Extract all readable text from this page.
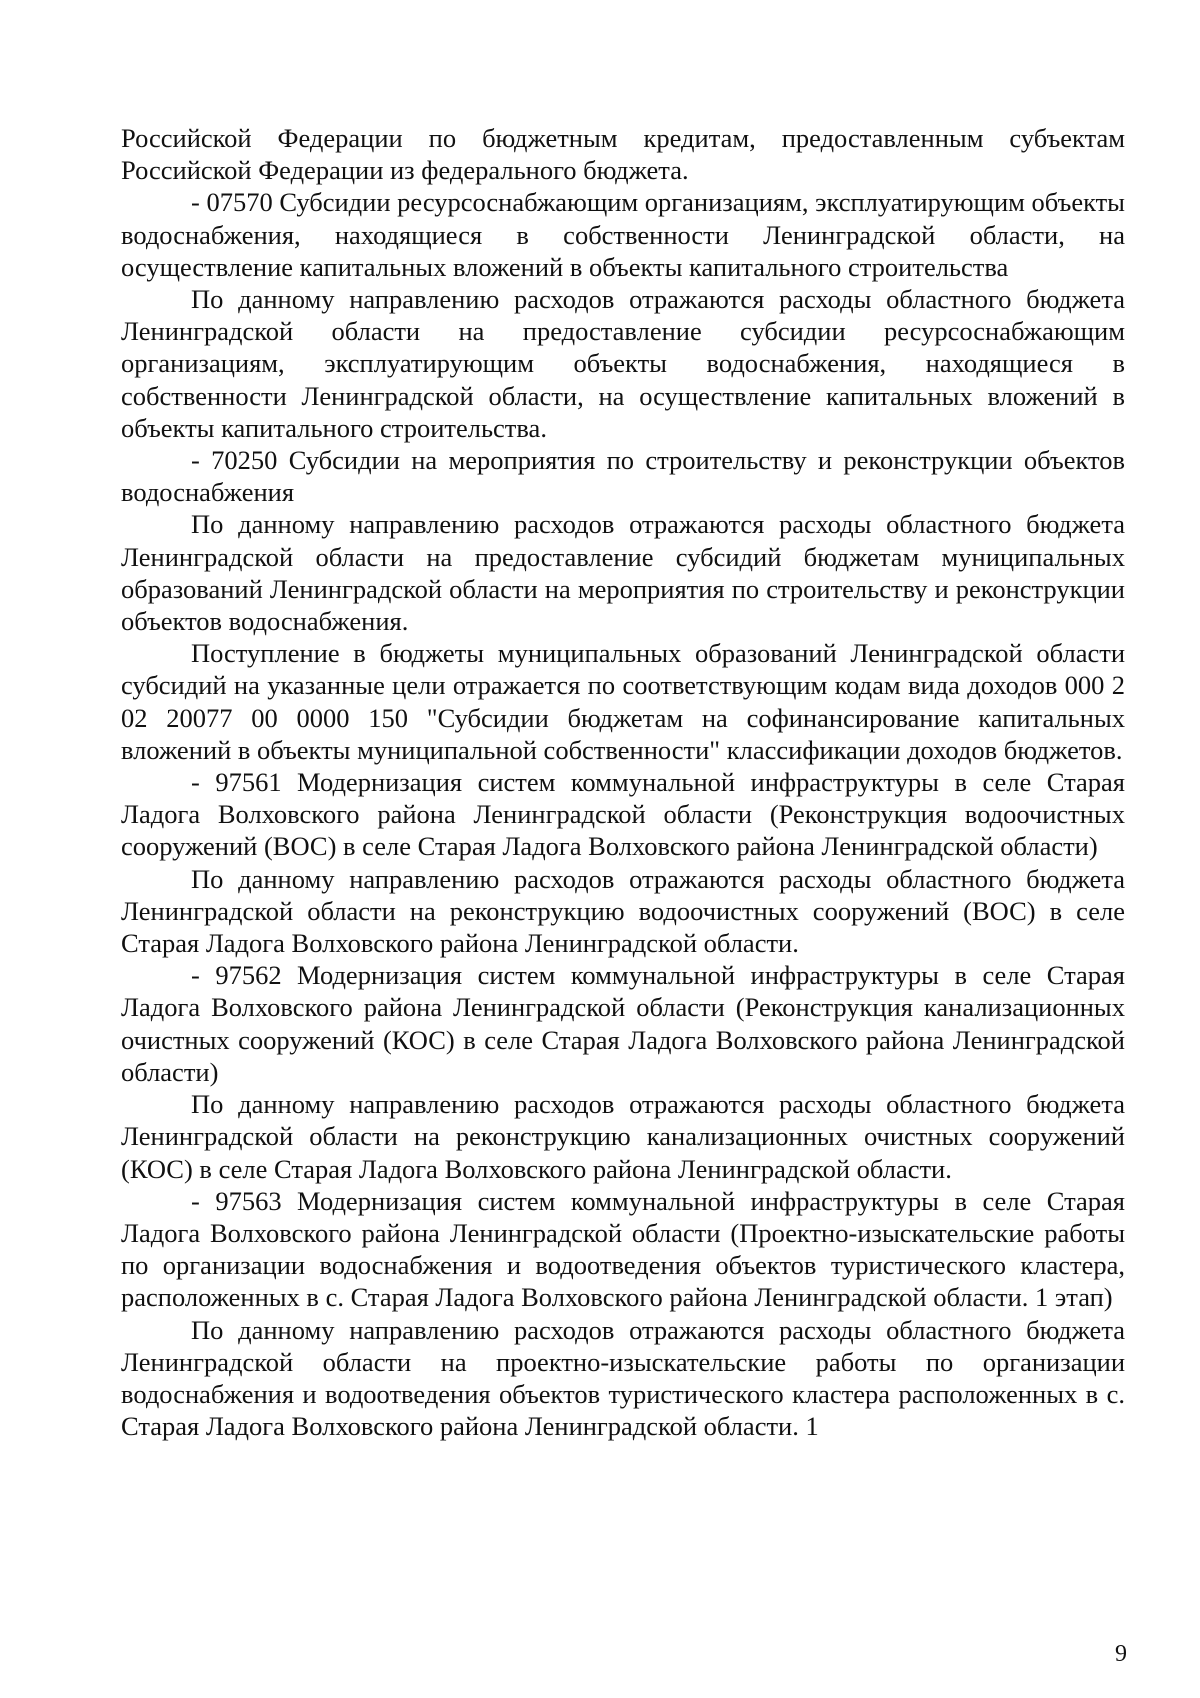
Российской Федерации по бюджетным кредитам, предоставленным субъектам Российской Федерации из федерального бюджета.

- 07570 Субсидии ресурсоснабжающим организациям, эксплуатирующим объекты водоснабжения, находящиеся в собственности Ленинградской области, на осуществление капитальных вложений в объекты капитального строительства

По данному направлению расходов отражаются расходы областного бюджета Ленинградской области на предоставление субсидии ресурсоснабжающим организациям, эксплуатирующим объекты водоснабжения, находящиеся в собственности Ленинградской области, на осуществление капитальных вложений в объекты капитального строительства.

- 70250 Субсидии на мероприятия по строительству и реконструкции объектов водоснабжения

По данному направлению расходов отражаются расходы областного бюджета Ленинградской области на предоставление субсидий бюджетам муниципальных образований Ленинградской области на мероприятия по строительству и реконструкции объектов водоснабжения.

Поступление в бюджеты муниципальных образований Ленинградской области субсидий на указанные цели отражается по соответствующим кодам вида доходов 000 2 02 20077 00 0000 150 "Субсидии бюджетам на софинансирование капитальных вложений в объекты муниципальной собственности" классификации доходов бюджетов.

- 97561 Модернизация систем коммунальной инфраструктуры в селе Старая Ладога Волховского района Ленинградской области (Реконструкция водоочистных сооружений (ВОС) в селе Старая Ладога Волховского района Ленинградской области)

По данному направлению расходов отражаются расходы областного бюджета Ленинградской области на реконструкцию водоочистных сооружений (ВОС) в селе Старая Ладога Волховского района Ленинградской области.

- 97562 Модернизация систем коммунальной инфраструктуры в селе Старая Ладога Волховского района Ленинградской области (Реконструкция канализационных очистных сооружений (КОС) в селе Старая Ладога Волховского района Ленинградской области)

По данному направлению расходов отражаются расходы областного бюджета Ленинградской области на реконструкцию канализационных очистных сооружений (КОС) в селе Старая Ладога Волховского района Ленинградской области.

- 97563 Модернизация систем коммунальной инфраструктуры в селе Старая Ладога Волховского района Ленинградской области (Проектно-изыскательские работы по организации водоснабжения и водоотведения объектов туристического кластера, расположенных в с. Старая Ладога Волховского района Ленинградской области. 1 этап)

По данному направлению расходов отражаются расходы областного бюджета Ленинградской области на проектно-изыскательские работы по организации водоснабжения и водоотведения объектов туристического кластера расположенных в с. Старая Ладога Волховского района Ленинградской области. 1

9
